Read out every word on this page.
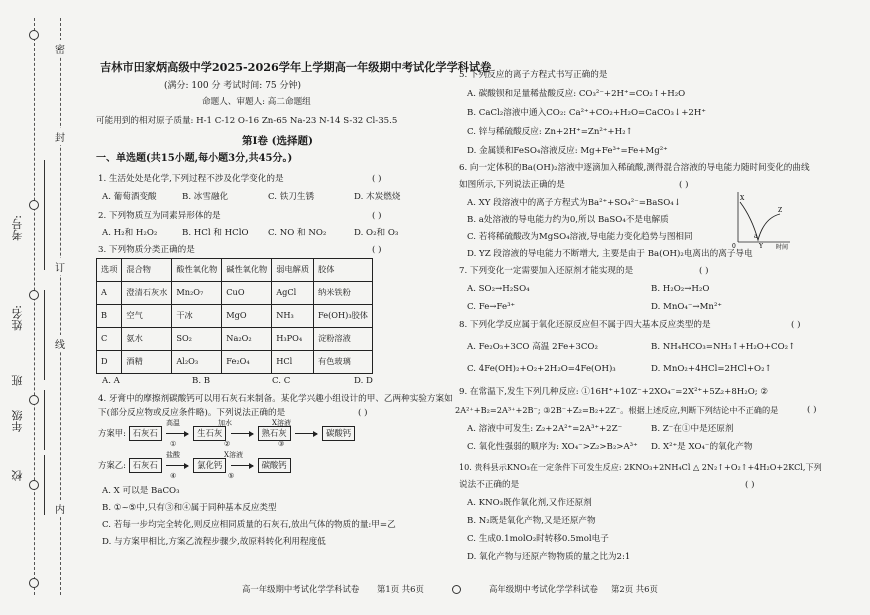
考号:
姓名:
年级
班
校
密
封
订
线
内
吉林市田家炳高级中学2025-2026学年上学期高一年级期中考试化学学科试卷
(满分: 100 分 考试时间: 75 分钟)
命题人、审题人: 高二命题组
可能用到的相对原子质量: H-1 C-12 O-16 Zn-65 Na-23 N-14 S-32 Cl-35.5
第Ⅰ卷 (选择题)
一、单选题(共15小题,每小题3分,共45分。)
1. 生活处处是化学,下列过程不涉及化学变化的是	( )
A. 葡萄酒变酸	B. 冰雪融化	C. 铁刀生锈	D. 木炭燃烧
2. 下列物质互为同素异形体的是	( )
A. H₂和 H₂O₂	B. HCl 和 HClO C. NO 和 NO₂	D. O₂和 O₃
3. 下列物质分类正确的是	( )
选项	混合物	酸性氧化物	碱性氧化物	弱电解质	胶体
A	澄清石灰水	Mn₂O₇	CuO	AgCl	纳米铁粉
B	空气	干冰	MgO	NH₃	Fe(OH)₃胶体
C	氨水	SO₂	Na₂O₂	H₃PO₄	淀粉溶液
D	酒精	Al₂O₃	Fe₂O₄	HCl	有色玻璃
A. A	B. B	C. C	D. D
4. 牙膏中的摩擦剂碳酸钙可以用石灰石来制备。某化学兴趣小组设计的甲、乙两种实验方案如
下(部分反应物或反应条件略)。下列说法正确的是	( )
方案甲: 石灰石	生石灰	熟石灰	碳酸钙
高温	加水	X溶液
①	②	③
方案乙: 石灰石	氯化钙	碳酸钙
盐酸	X溶液
④	⑤
A. X 可以是 BaCO₃
B. ①~⑤中,只有③和④属于同种基本反应类型
C. 若每一步均完全转化,则反应相同质量的石灰石,放出气体的物质的量:甲=乙
D. 与方案甲相比,方案乙流程步骤少,故原料转化利用程度低
高一年级期中考试化学学科试卷 第1页 共6页
5. 下列反应的离子方程式书写正确的是
A. 碳酸钡和足量稀盐酸反应: CO₃²⁻+2H⁺=CO₂↑+H₂O
B. CaCl₂溶液中通入CO₂: Ca²⁺+CO₂+H₂O=CaCO₃↓+2H⁺
C. 锌与稀硫酸反应: Zn+2H⁺=Zn²⁺+H₂↑
D. 金属镁和FeSO₄溶液反应: Mg+Fe³⁺=Fe+Mg²⁺
6. 向一定体积的Ba(OH)₂溶液中逐滴加入稀硫酸,测得混合溶液的导电能力随时间变化的曲线
如图所示,下列说法正确的是	( )
A. XY 段溶液中的离子方程式为Ba²⁺+SO₄²⁻=BaSO₄↓
B. a处溶液的导电能力约为0,所以 BaSO₄不是电解质
C. 若将稀硫酸改为MgSO₄溶液,导电能力变化趋势与图相同
D. YZ 段溶液的导电能力不断增大, 主要是由于 Ba(OH)₂电离出的离子导电
X
a
Y
Z
0	时间
7. 下列变化一定需要加入还原剂才能实现的是	( )
A. SO₂→H₂SO₄	B. H₂O₂→H₂O
C. Fe→Fe³⁺	D. MnO₄⁻→Mn²⁺
8. 下列化学反应属于氧化还原反应但不属于四大基本反应类型的是	( )
A. Fe₂O₃+3CO 高温 2Fe+3CO₂	B. NH₄HCO₃=NH₃↑+H₂O+CO₂↑
C. 4Fe(OH)₂+O₂+2H₂O=4Fe(OH)₃	D. MnO₂+4HCl=2HCl+O₂↑
9. 在常温下,发生下列几种反应: ①16H⁺+10Z⁻+2XO₄⁻=2X²⁺+5Z₂+8H₂O; ②
2A²⁺+B₂=2A³⁺+2B⁻; ③2B⁻+Z₂=B₂+2Z⁻。根据上述反应,判断下列结论中不正确的是	( )
A. 溶液中可发生: Z₂+2A²⁺=2A³⁺+2Z⁻	B. Z⁻在①中是还原剂
C. 氧化性强弱的顺序为: XO₄⁻>Z₂>B₂>A³⁺ D. X²⁺是 XO₄⁻的氧化产物
10. 贵科县示KNO₃在一定条件下可发生反应: 2KNO₃+2NH₄Cl △ 2N₂↑+O₂↑+4H₂O+2KCl,下列
说法不正确的是	( )
A. KNO₃既作氧化剂,又作还原剂
B. N₂既是氧化产物,又是还原产物
C. 生成0.1molO₂时转移0.5mol电子
D. 氧化产物与还原产物物质的量之比为2:1
高年级期中考试化学学科试卷 第2页 共6页
